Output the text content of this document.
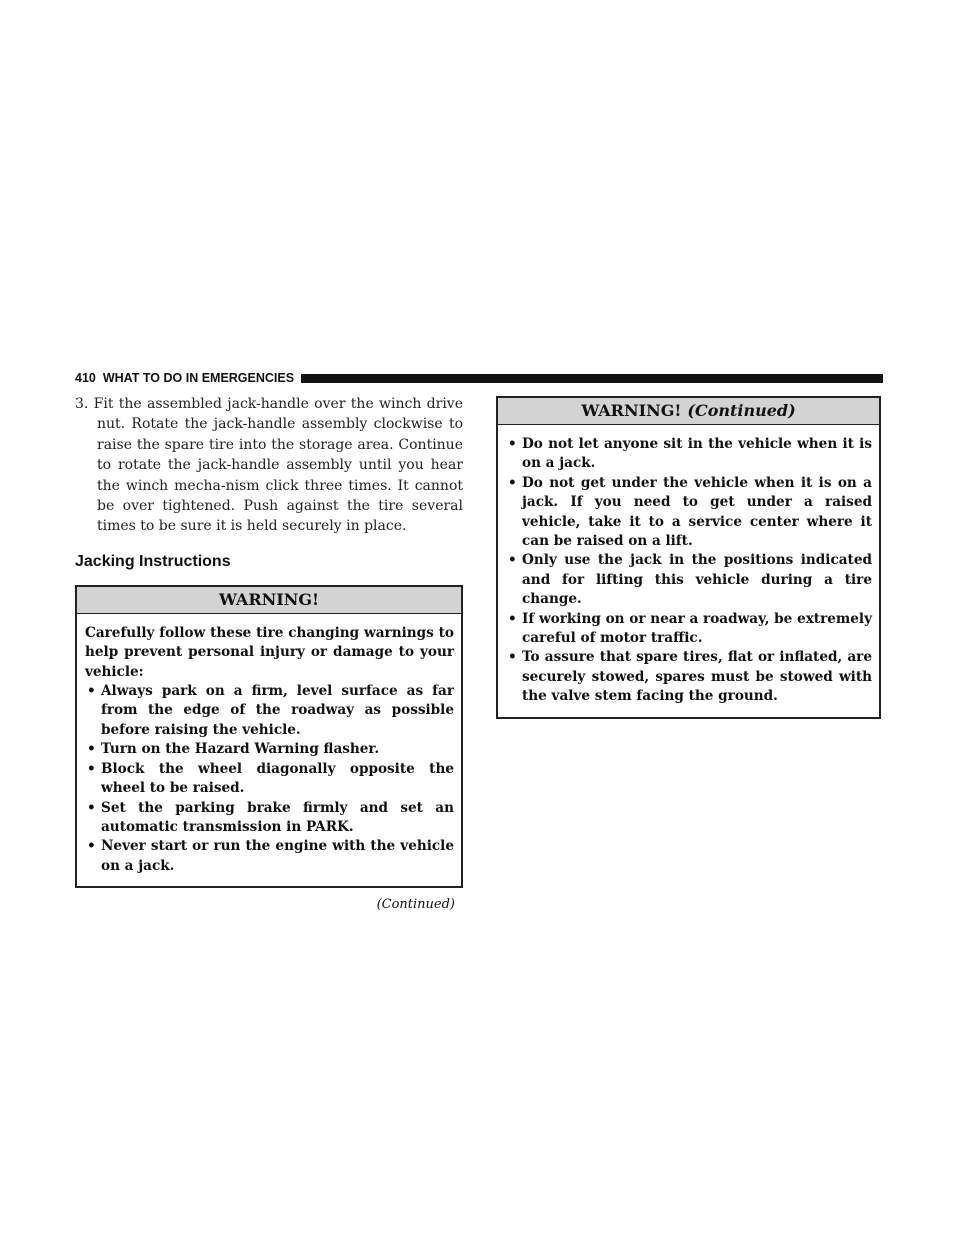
410 WHAT TO DO IN EMERGENCIES

3. Fit the assembled jack-handle over the winch drive nut. Rotate the jack-handle assembly clockwise to raise the spare tire into the storage area. Continue to rotate the jack-handle assembly until you hear the winch mecha-nism click three times. It cannot be over tightened. Push against the tire several times to be sure it is held securely in place.

Jacking Instructions
WARNING!

Carefully follow these tire changing warnings to help prevent personal injury or damage to your vehicle:

• Always park on a firm, level surface as far from the edge of the roadway as possible before raising the vehicle.
• Turn on the Hazard Warning flasher.
• Block the wheel diagonally opposite the wheel to be raised.
• Set the parking brake firmly and set an automatic transmission in PARK.
• Never start or run the engine with the vehicle on a jack.
(Continued)
WARNING! (Continued)
• Do not let anyone sit in the vehicle when it is on a jack.
• Do not get under the vehicle when it is on a jack. If you need to get under a raised vehicle, take it to a service center where it can be raised on a lift.
• Only use the jack in the positions indicated and for lifting this vehicle during a tire change.
• If working on or near a roadway, be extremely careful of motor traffic.
• To assure that spare tires, flat or inflated, are securely stowed, spares must be stowed with the valve stem facing the ground.
